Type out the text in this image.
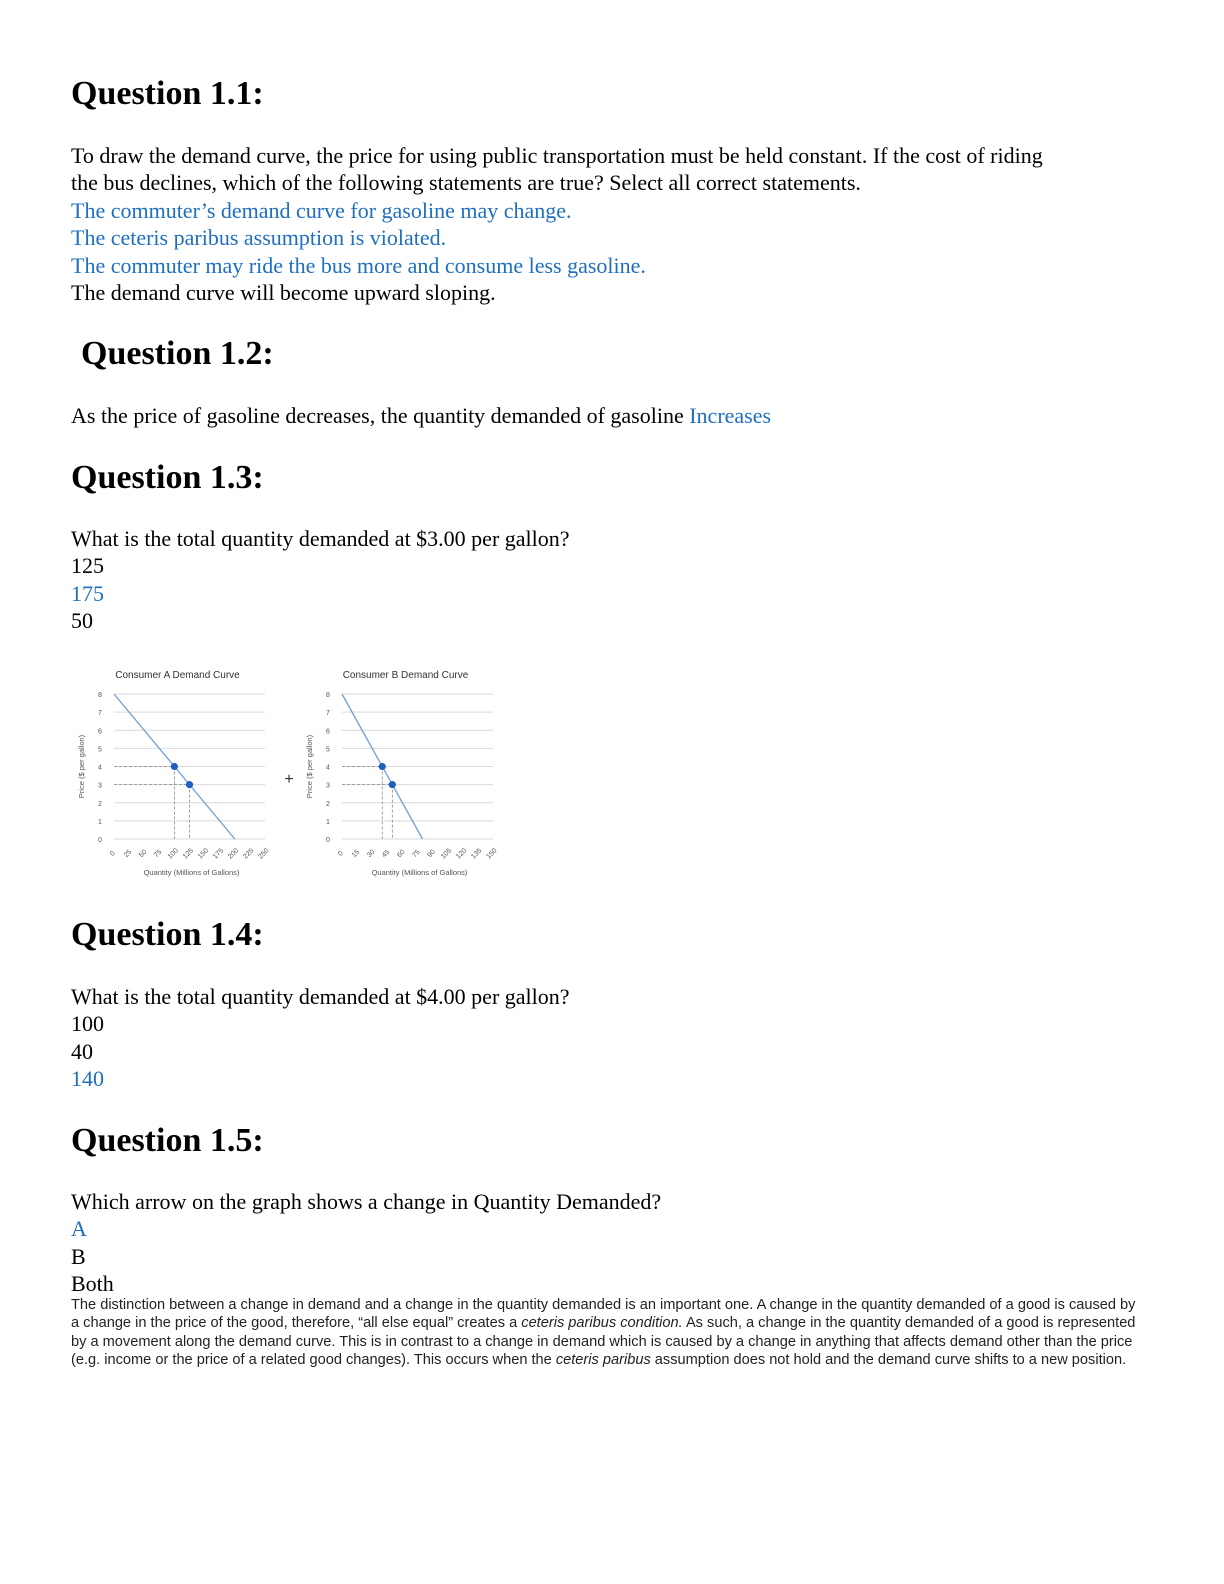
Question 1.1:
To draw the demand curve, the price for using public transportation must be held constant. If the cost of riding
the bus declines, which of the following statements are true? Select all correct statements.
The commuter’s demand curve for gasoline may change.
The ceteris paribus assumption is violated.
The commuter may ride the bus more and consume less gasoline.
The demand curve will become upward sloping.
Question 1.2:
As the price of gasoline decreases, the quantity demanded of gasoline Increases
Question 1.3:
What is the total quantity demanded at $3.00 per gallon?
125
175
50
Question 1.4:
What is the total quantity demanded at $4.00 per gallon?
100
40
140
Question 1.5:
Which arrow on the graph shows a change in Quantity Demanded?
A
B
Both
The distinction between a change in demand and a change in the quantity demanded is an important one. A change in the quantity demanded of a good is caused by a change in the price of the good, therefore, “all else equal” creates a ceteris paribus condition. As such, a change in the quantity demanded of a good is represented by a movement along the demand curve. This is in contrast to a change in demand which is caused by a change in anything that affects demand other than the price (e.g. income or the price of a related good changes). This occurs when the ceteris paribus assumption does not hold and the demand curve shifts to a new position.
+
Consumer A Demand Curve
0
1
2
3
4
5
6
7
8
0 25 50 75 100 125 150 175 200 225 250
Price ($ per gallon)
Quantity (Millions of Gallons)
Consumer B Demand Curve
0
1
2
3
4
5
6
7
8
0 15 30 45 60 75 90 105 120 135 150
Price ($ per gallon)
Quantity (Millions of Gallons)
